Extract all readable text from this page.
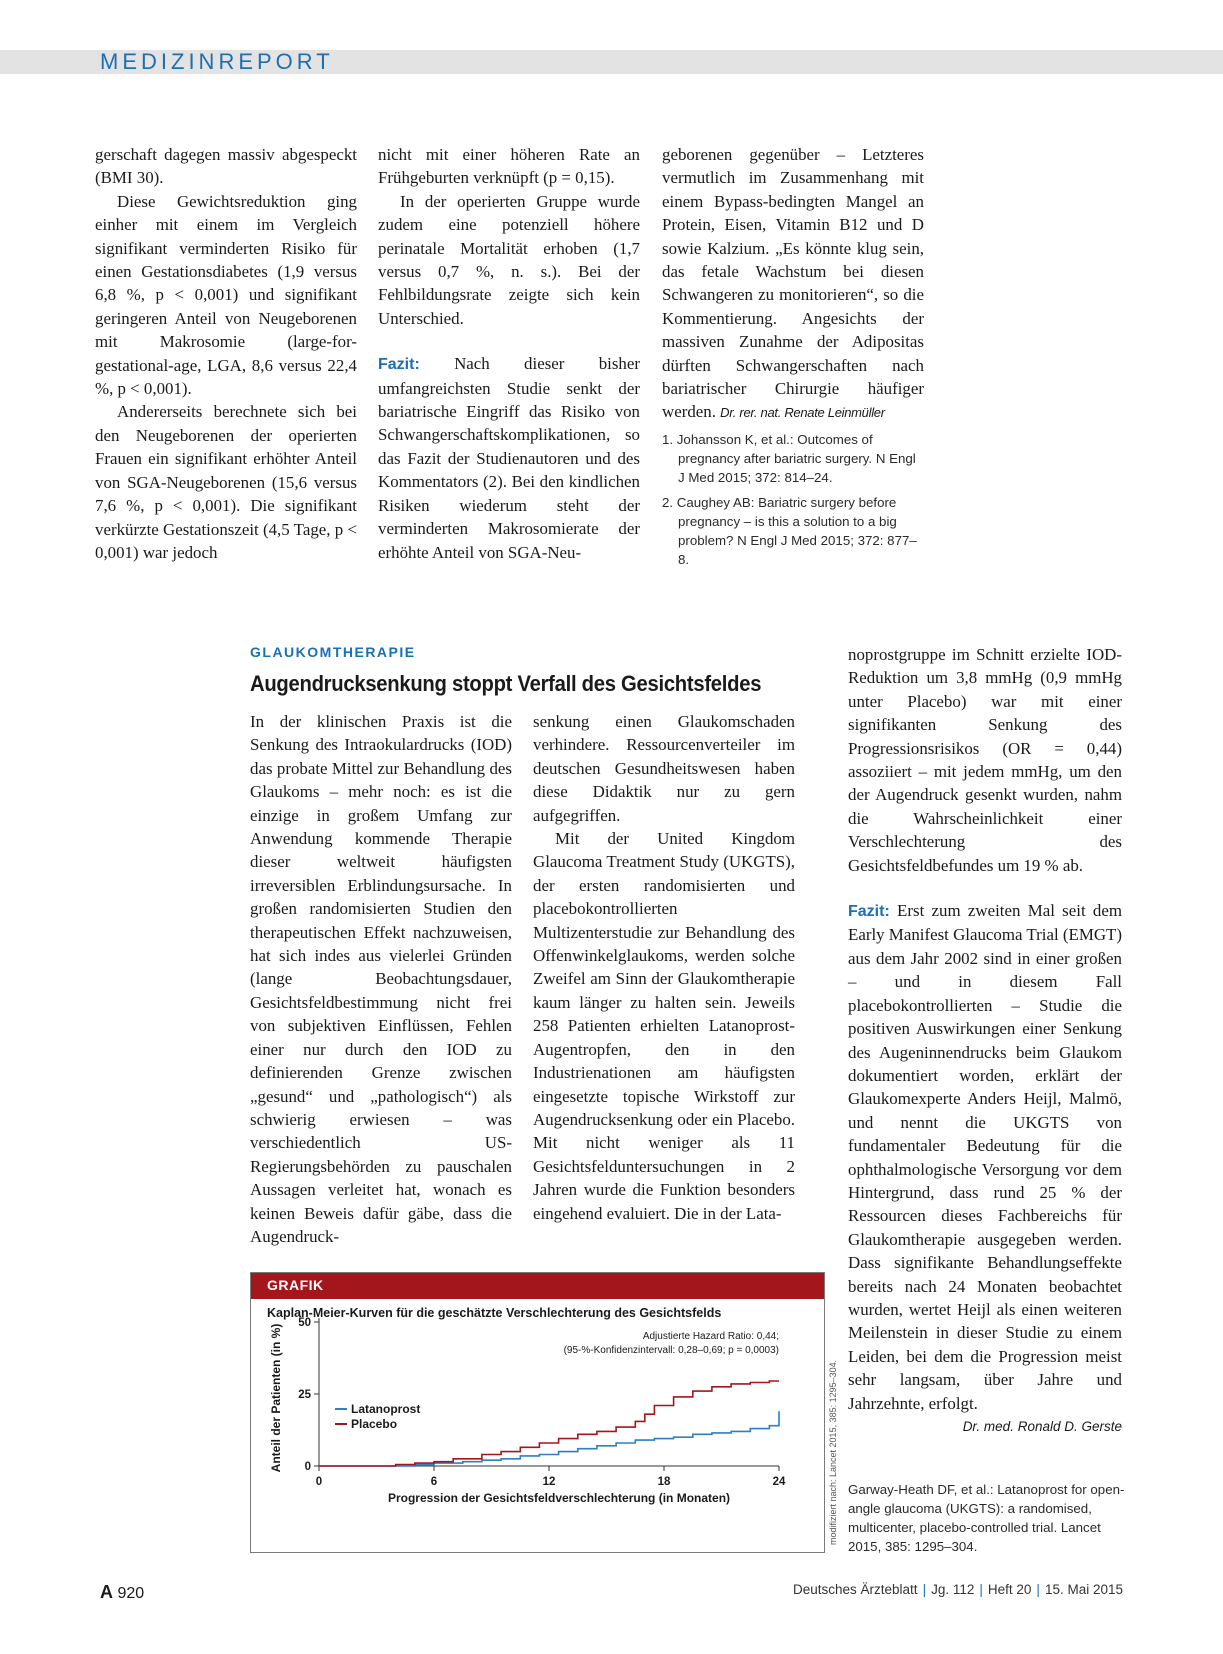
MEDIZINREPORT

gerschaft dagegen massiv abgespeckt (BMI 30).

Diese Gewichtsreduktion ging einher mit einem im Vergleich signifikant verminderten Risiko für einen Gestationsdiabetes (1,9 versus 6,8 %, p < 0,001) und signifikant geringeren Anteil von Neugeborenen mit Makrosomie (large-for-gestational-age, LGA, 8,6 versus 22,4 %, p < 0,001).

Andererseits berechnete sich bei den Neugeborenen der operierten Frauen ein signifikant erhöhter Anteil von SGA-Neugeborenen (15,6 versus 7,6 %, p < 0,001). Die signifikant verkürzte Gestationszeit (4,5 Tage, p < 0,001) war jedoch

nicht mit einer höheren Rate an Frühgeburten verknüpft (p = 0,15).

In der operierten Gruppe wurde zudem eine potenziell höhere perinatale Mortalität erhoben (1,7 versus 0,7 %, n. s.). Bei der Fehlbildungsrate zeigte sich kein Unterschied.

Fazit: Nach dieser bisher umfangreichsten Studie senkt der bariatrische Eingriff das Risiko von Schwangerschaftskomplikationen, so das Fazit der Studienautoren und des Kommentators (2). Bei den kindlichen Risiken wiederum steht der verminderten Makrosomierate der erhöhte Anteil von SGA-Neu-

geborenen gegenüber – Letzteres vermutlich im Zusammenhang mit einem Bypass-bedingten Mangel an Protein, Eisen, Vitamin B12 und D sowie Kalzium. „Es könnte klug sein, das fetale Wachstum bei diesen Schwangeren zu monitorieren“, so die Kommentierung. Angesichts der massiven Zunahme der Adipositas dürften Schwangerschaften nach bariatrischer Chirurgie häufiger werden. Dr. rer. nat. Renate Leinmüller

1. Johansson K, et al.: Outcomes of pregnancy after bariatric surgery. N Engl J Med 2015; 372: 814–24.
2. Caughey AB: Bariatric surgery before pregnancy – is this a solution to a big problem? N Engl J Med 2015; 372: 877–8.
GLAUKOMTHERAPIE
Augendrucksenkung stoppt Verfall des Gesichtsfeldes

In der klinischen Praxis ist die Senkung des Intraokulardrucks (IOD) das probate Mittel zur Behandlung des Glaukoms – mehr noch: es ist die einzige in großem Umfang zur Anwendung kommende Therapie dieser weltweit häufigsten irreversiblen Erblindungsursache. In großen randomisierten Studien den therapeutischen Effekt nachzuweisen, hat sich indes aus vielerlei Gründen (lange Beobachtungsdauer, Gesichtsfeldbestimmung nicht frei von subjektiven Einflüssen, Fehlen einer nur durch den IOD zu definierenden Grenze zwischen „gesund“ und „pathologisch“) als schwierig erwiesen – was verschiedentlich US-Regierungsbehörden zu pauschalen Aussagen verleitet hat, wonach es keinen Beweis dafür gäbe, dass die Augendruck-

senkung einen Glaukomschaden verhindere. Ressourcenverteiler im deutschen Gesundheitswesen haben diese Didaktik nur zu gern aufgegriffen.

Mit der United Kingdom Glaucoma Treatment Study (UKGTS), der ersten randomisierten und placebokontrollierten Multizenterstudie zur Behandlung des Offenwinkelglaukoms, werden solche Zweifel am Sinn der Glaukomtherapie kaum länger zu halten sein. Jeweils 258 Patienten erhielten Latanoprost-Augentropfen, den in den Industrienationen am häufigsten eingesetzte topische Wirkstoff zur Augendrucksenkung oder ein Placebo. Mit nicht weniger als 11 Gesichtsfelduntersuchungen in 2 Jahren wurde die Funktion besonders eingehend evaluiert. Die in der Lata-

noprostgruppe im Schnitt erzielte IOD-Reduktion um 3,8 mmHg (0,9 mmHg unter Placebo) war mit einer signifikanten Senkung des Progressionsrisikos (OR = 0,44) assoziiert – mit jedem mmHg, um den der Augendruck gesenkt wurden, nahm die Wahrscheinlichkeit einer Verschlechterung des Gesichtsfeldbefundes um 19 % ab.

Fazit: Erst zum zweiten Mal seit dem Early Manifest Glaucoma Trial (EMGT) aus dem Jahr 2002 sind in einer großen – und in diesem Fall placebokontrollierten – Studie die positiven Auswirkungen einer Senkung des Augeninnendrucks beim Glaukom dokumentiert worden, erklärt der Glaukomexperte Anders Heijl, Malmö, und nennt die UKGTS von fundamentaler Bedeutung für die ophthalmologische Versorgung vor dem Hintergrund, dass rund 25 % der Ressourcen dieses Fachbereichs für Glaukomtherapie ausgegeben werden. Dass signifikante Behandlungseffekte bereits nach 24 Monaten beobachtet wurden, wertet Heijl als einen weiteren Meilenstein in dieser Studie zu einem Leiden, bei dem die Progression meist sehr langsam, über Jahre und Jahrzehnte, erfolgt.

Dr. med. Ronald D. Gerste

Garway-Heath DF, et al.: Latanoprost for open-angle glaucoma (UKGTS): a randomised, multicenter, placebo-controlled trial. Lancet 2015, 385: 1295–304.
GRAFIK
Kaplan-Meier-Kurven für die geschätzte Verschlechterung des Gesichtsfelds
0
25
50
0	6	12	18	24
Progression der Gesichtsfeldverschlechterung (in Monaten)
Anteil der Patienten (in %)	Adjustierte Hazard Ratio: 0,44;
(95-%-Konfidenzintervall: 0,28–0,69; p = 0,0003)
Latanoprost
Placebo	modifiziert nach: Lancet 2015, 385: 1295–304.
A 920	Deutsches Ärzteblatt | Jg. 112 | Heft 20 | 15. Mai 2015
